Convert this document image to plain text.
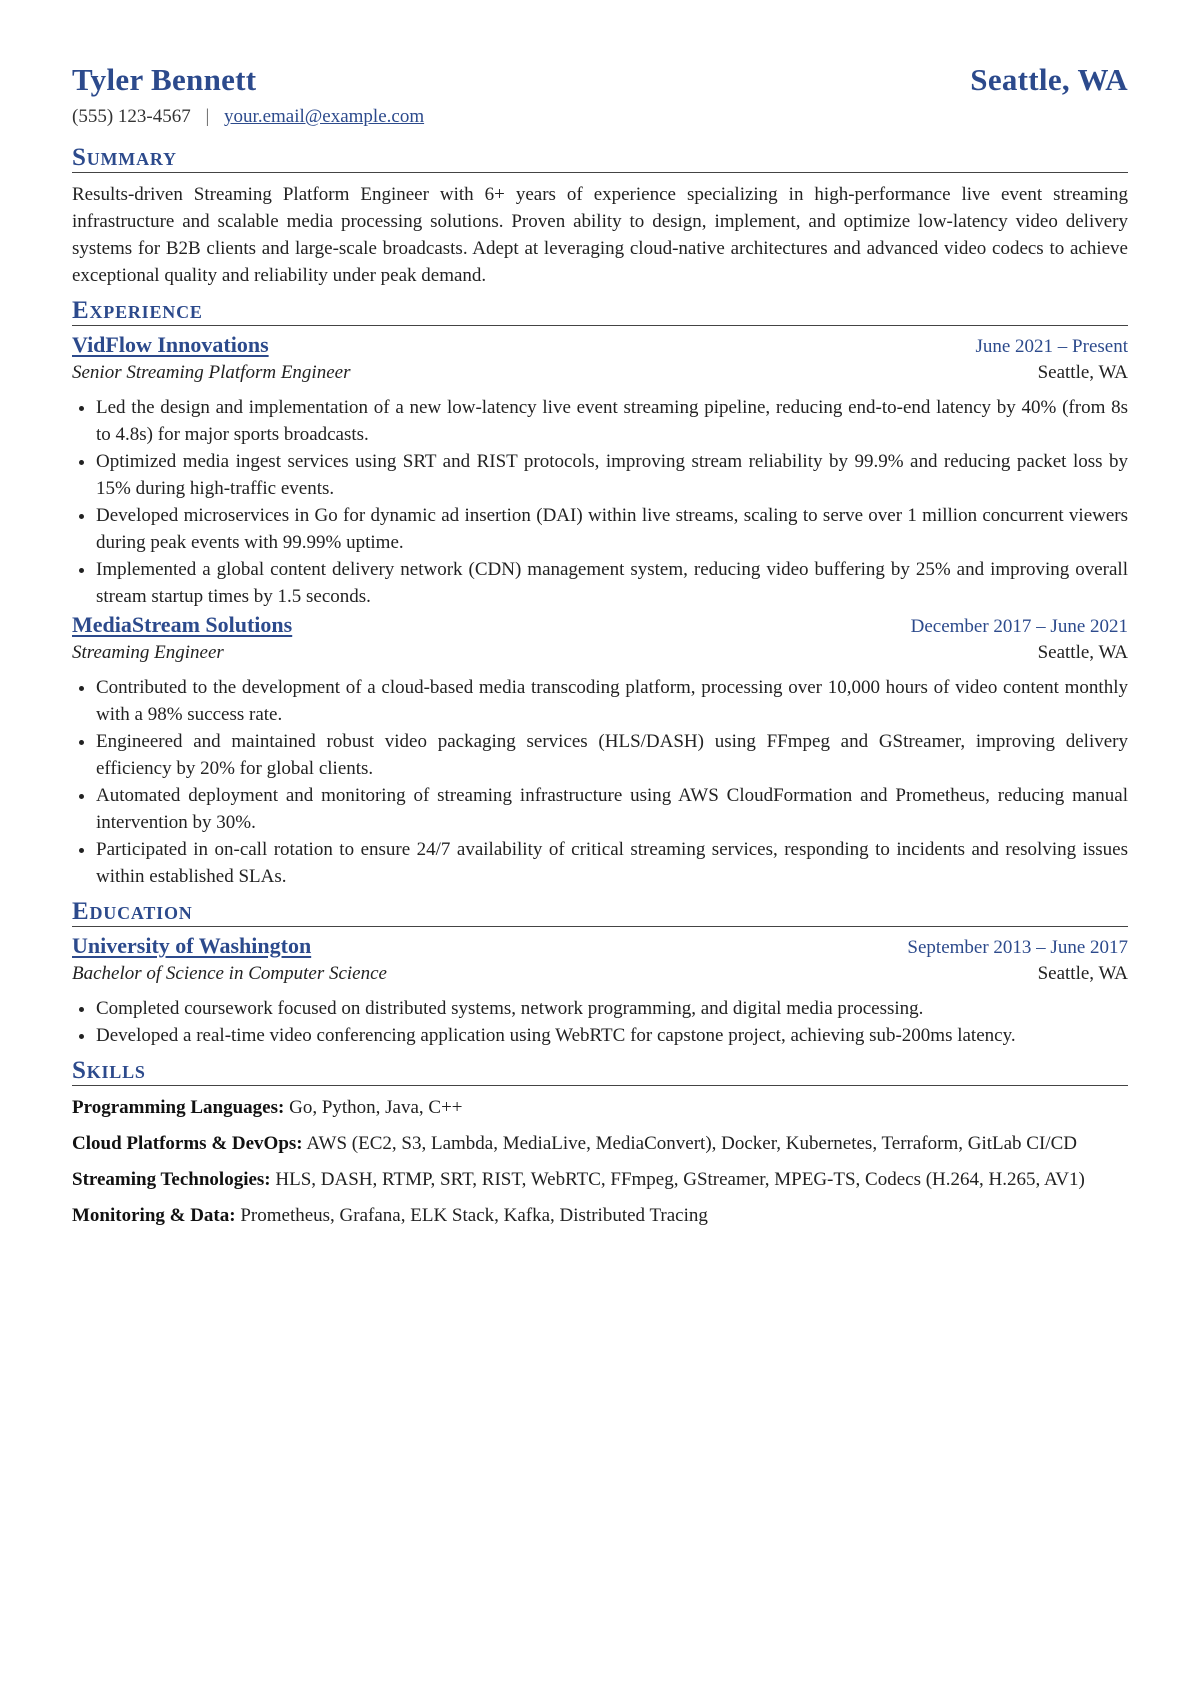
Tyler Bennett	Seattle, WA
(555) 123-4567 | your.email@example.com
Summary
Results-driven Streaming Platform Engineer with 6+ years of experience specializing in high-performance live event streaming infrastructure and scalable media processing solutions. Proven ability to design, implement, and optimize low-latency video delivery systems for B2B clients and large-scale broadcasts. Adept at leveraging cloud-native architectures and advanced video codecs to achieve exceptional quality and reliability under peak demand.
Experience
VidFlow Innovations	June 2021 – Present
Senior Streaming Platform Engineer	Seattle, WA
• Led the design and implementation of a new low-latency live event streaming pipeline, reducing end-to-end latency by 40% (from 8s to 4.8s) for major sports broadcasts.
• Optimized media ingest services using SRT and RIST protocols, improving stream reliability by 99.9% and reducing packet loss by 15% during high-traffic events.
• Developed microservices in Go for dynamic ad insertion (DAI) within live streams, scaling to serve over 1 million concurrent viewers during peak events with 99.99% uptime.
• Implemented a global content delivery network (CDN) management system, reducing video buffering by 25% and improving overall stream startup times by 1.5 seconds.
MediaStream Solutions	December 2017 – June 2021
Streaming Engineer	Seattle, WA
• Contributed to the development of a cloud-based media transcoding platform, processing over 10,000 hours of video content monthly with a 98% success rate.
• Engineered and maintained robust video packaging services (HLS/DASH) using FFmpeg and GStreamer, improving delivery efficiency by 20% for global clients.
• Automated deployment and monitoring of streaming infrastructure using AWS CloudFormation and Prometheus, reducing manual intervention by 30%.
• Participated in on-call rotation to ensure 24/7 availability of critical streaming services, responding to incidents and resolving issues within established SLAs.
Education
University of Washington	September 2013 – June 2017
Bachelor of Science in Computer Science	Seattle, WA
• Completed coursework focused on distributed systems, network programming, and digital media processing.
• Developed a real-time video conferencing application using WebRTC for capstone project, achieving sub-200ms latency.
Skills
Programming Languages: Go, Python, Java, C++
Cloud Platforms & DevOps: AWS (EC2, S3, Lambda, MediaLive, MediaConvert), Docker, Kubernetes, Terraform, GitLab CI/CD
Streaming Technologies: HLS, DASH, RTMP, SRT, RIST, WebRTC, FFmpeg, GStreamer, MPEG-TS, Codecs (H.264, H.265, AV1)
Monitoring & Data: Prometheus, Grafana, ELK Stack, Kafka, Distributed Tracing
